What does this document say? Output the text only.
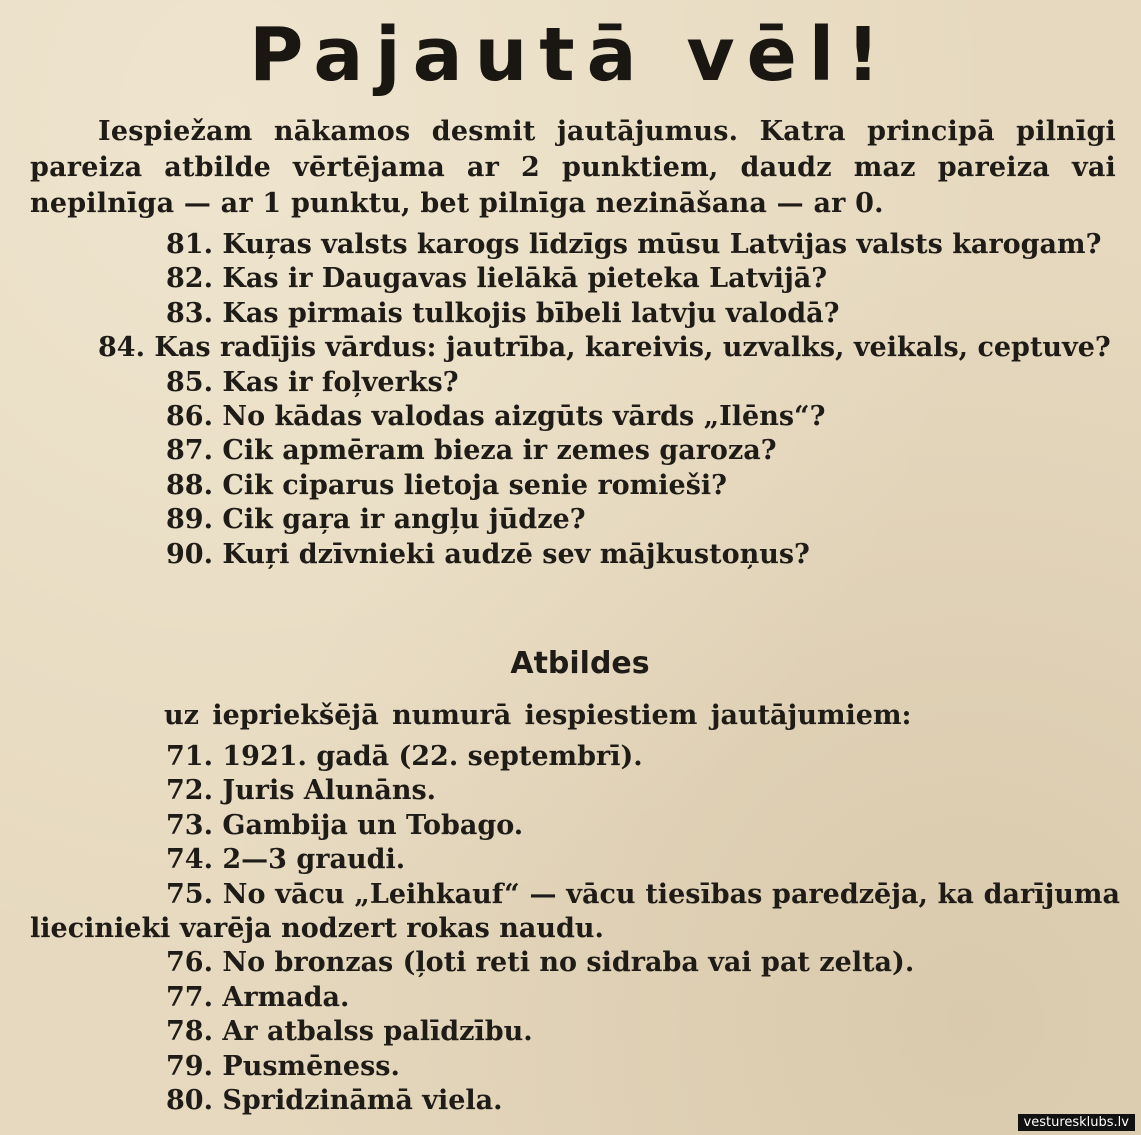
Pajautā vēl!
Iespiežam nākamos desmit jautājumus. Katra principā pilnīgi pareiza atbilde vērtējama ar 2 punktiem, daudz maz pareiza vai nepilnīga — ar 1 punktu, bet pilnīga nezināšana — ar 0.
81. Kuŗas valsts karogs līdzīgs mūsu Latvijas valsts karogam?
82. Kas ir Daugavas lielākā pieteka Latvijā?
83. Kas pirmais tulkojis bībeli latvju valodā?
84. Kas radījis vārdus: jautrība, kareivis, uzvalks, veikals, ceptuve?
85. Kas ir foļverks?
86. No kādas valodas aizgūts vārds „Ilēns“?
87. Cik apmēram bieza ir zemes garoza?
88. Cik ciparus lietoja senie romieši?
89. Cik gaŗa ir angļu jūdze?
90. Kuŗi dzīvnieki audzē sev mājkustoņus?
Atbildes
uz iepriekšējā numurā iespiestiem jautājumiem:
71. 1921. gadā (22. septembrī).
72. Juris Alunāns.
73. Gambija un Tobago.
74. 2—3 graudi.
75. No vācu „Leihkauf“ — vācu tiesības paredzēja, ka darījuma liecinieki varēja nodzert rokas naudu.
76. No bronzas (ļoti reti no sidraba vai pat zelta).
77. Armada.
78. Ar atbalss palīdzību.
79. Pusmēness.
80. Spridzināmā viela.
vesturesklubs.lv
